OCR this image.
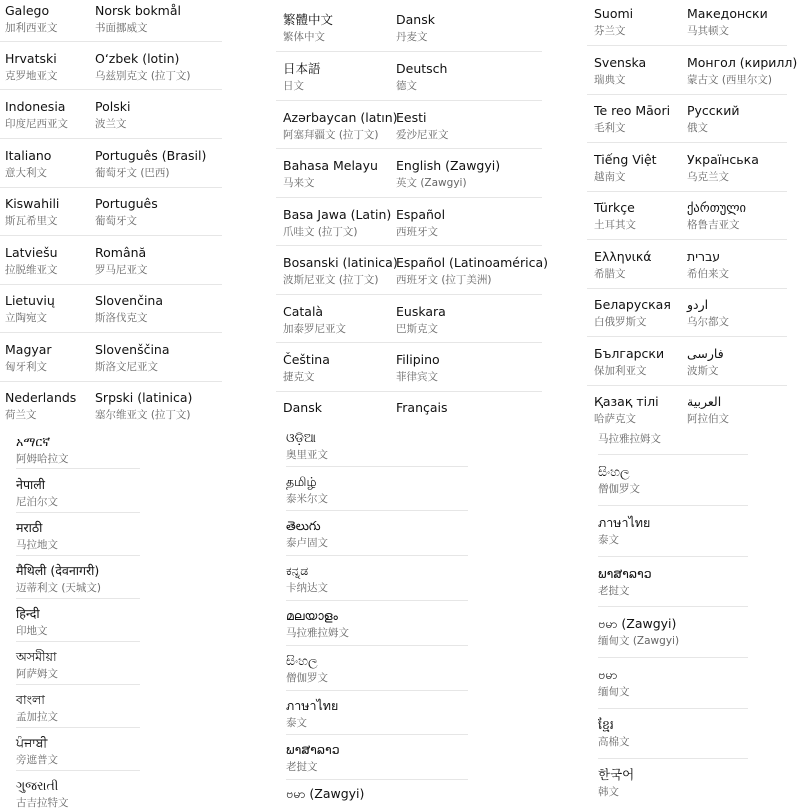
Galego
加利西亚文
Norsk bokmål
书面挪威文
Hrvatski
克罗地亚文
O‘zbek (lotin)
乌兹别克文 (拉丁文)
Indonesia
印度尼西亚文
Polski
波兰文
Italiano
意大利文
Português (Brasil)
葡萄牙文 (巴西)
Kiswahili
斯瓦希里文
Português
葡萄牙文
Latviešu
拉脱维亚文
Română
罗马尼亚文
Lietuvių
立陶宛文
Slovenčina
斯洛伐克文
Magyar
匈牙利文
Slovenščina
斯洛文尼亚文
Nederlands
荷兰文
Srpski (latinica)
塞尔维亚文 (拉丁文)
繁體中文
繁体中文
Dansk
丹麦文
日本語
日文
Deutsch
德文
Azərbaycan (latın)
阿塞拜疆文 (拉丁文)
Eesti
爱沙尼亚文
Bahasa Melayu
马来文
English (Zawgyi)
英文 (Zawgyi)
Basa Jawa (Latin)
爪哇文 (拉丁文)
Español
西班牙文
Bosanski (latinica)
波斯尼亚文 (拉丁文)
Español (Latinoamérica)
西班牙文 (拉丁美洲)
Català
加泰罗尼亚文
Euskara
巴斯克文
Čeština
捷克文
Filipino
菲律宾文
Dansk	Français
Suomi
芬兰文
Македонски
马其顿文
Svenska
瑞典文
Монгол (кирилл)
蒙古文 (西里尔文)
Te reo Māori
毛利文
Русский
俄文
Tiếng Việt
越南文
Українська
乌克兰文
Türkçe
土耳其文
ქართული
格鲁吉亚文
Ελληνικά
希腊文
עברית
希伯来文
Беларуская
白俄罗斯文
اردو
乌尔都文
Български
保加利亚文
فارسی
波斯文
Қазақ тілі
哈萨克文
العربية
阿拉伯文
አማርኛ
阿姆哈拉文
नेपाली
尼泊尔文
मराठी
马拉地文
मैथिली (देवनागरी)
迈蒂利文 (天城文)
हिन्दी
印地文
অসমীয়া
阿萨姆文
বাংলা
孟加拉文
ਪੰਜਾਬੀ
旁遮普文
ગુજરાતી
古吉拉特文
ଓଡ଼ିଆ
奥里亚文
தமிழ்
泰米尔文
తెలుగు
泰卢固文
ಕನ್ನಡ
卡纳达文
മലയാളം
马拉雅拉姆文
සිංහල
僧伽罗文
ภาษาไทย
泰文
ພາສາລາວ
老挝文
ဗမာ (Zawgyi)
马拉雅拉姆文
සිංහල
僧伽罗文
ภาษาไทย
泰文
ພາສາລາວ
老挝文
ဗမာ (Zawgyi)
缅甸文 (Zawgyi)
ဗမာ
缅甸文
ខ្មែរ
高棉文
한국어
韩文
